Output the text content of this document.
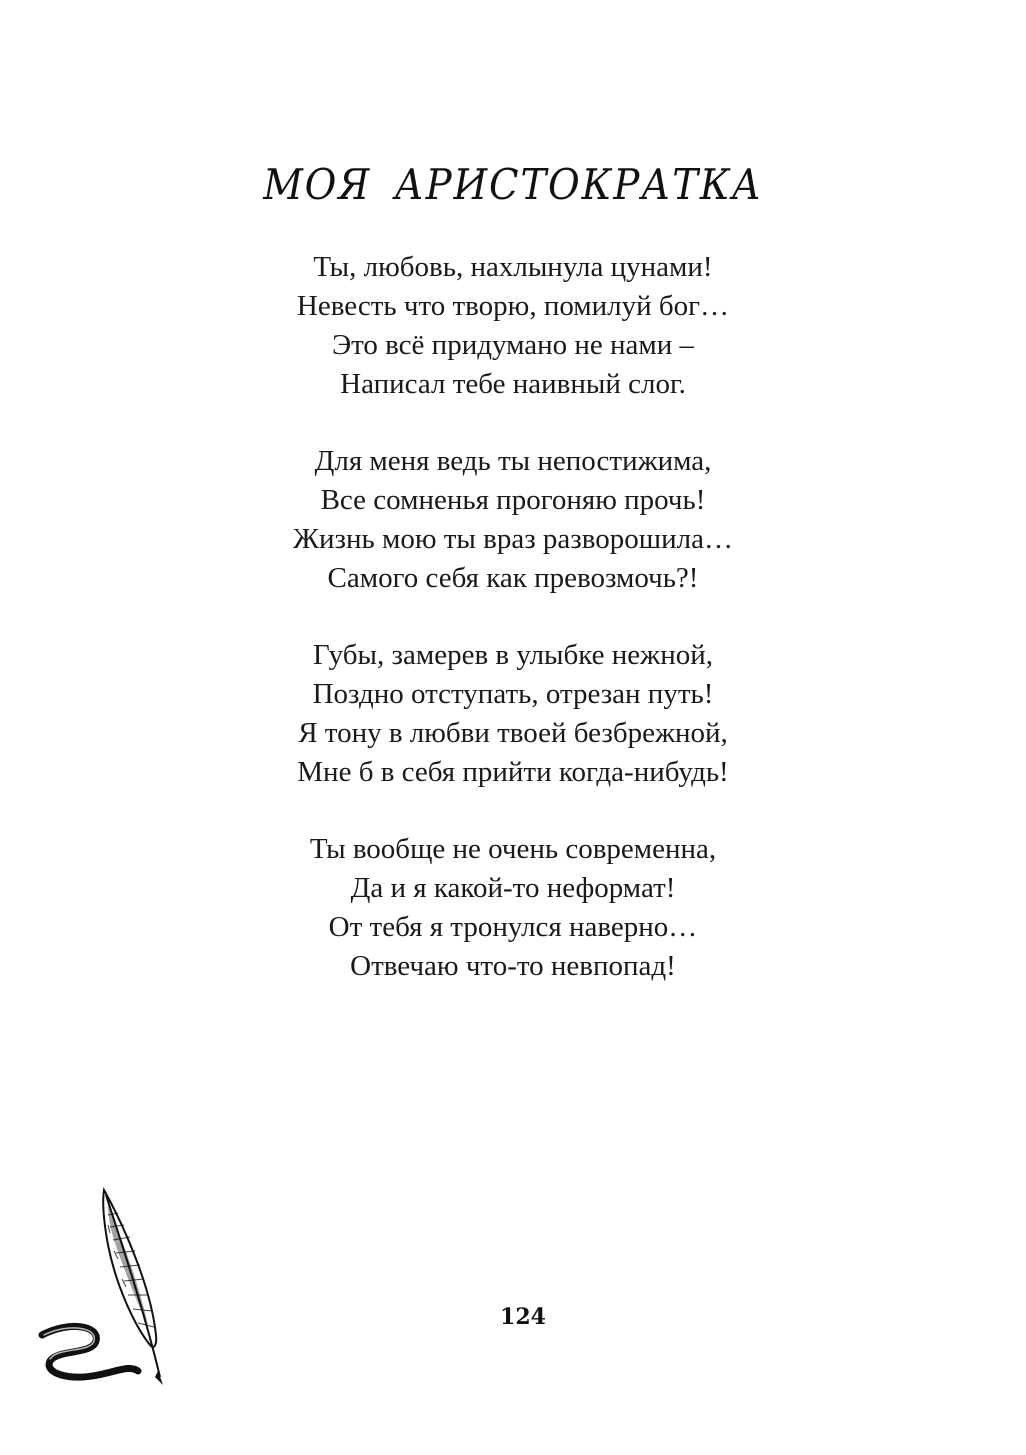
МОЯ АРИСТОКРАТКА
Ты, любовь, нахлынула цунами!
Невесть что творю, помилуй бог…
Это всё придумано не нами –
Написал тебе наивный слог.
Для меня ведь ты непостижима,
Все сомненья прогоняю прочь!
Жизнь мою ты враз разворошила…
Самого себя как превозмочь?!
Губы, замерев в улыбке нежной,
Поздно отступать, отрезан путь!
Я тону в любви твоей безбрежной,
Мне б в себя прийти когда-нибудь!
Ты вообще не очень современна,
Да и я какой-то неформат!
От тебя я тронулся наверно…
Отвечаю что-то невпопад!
124
